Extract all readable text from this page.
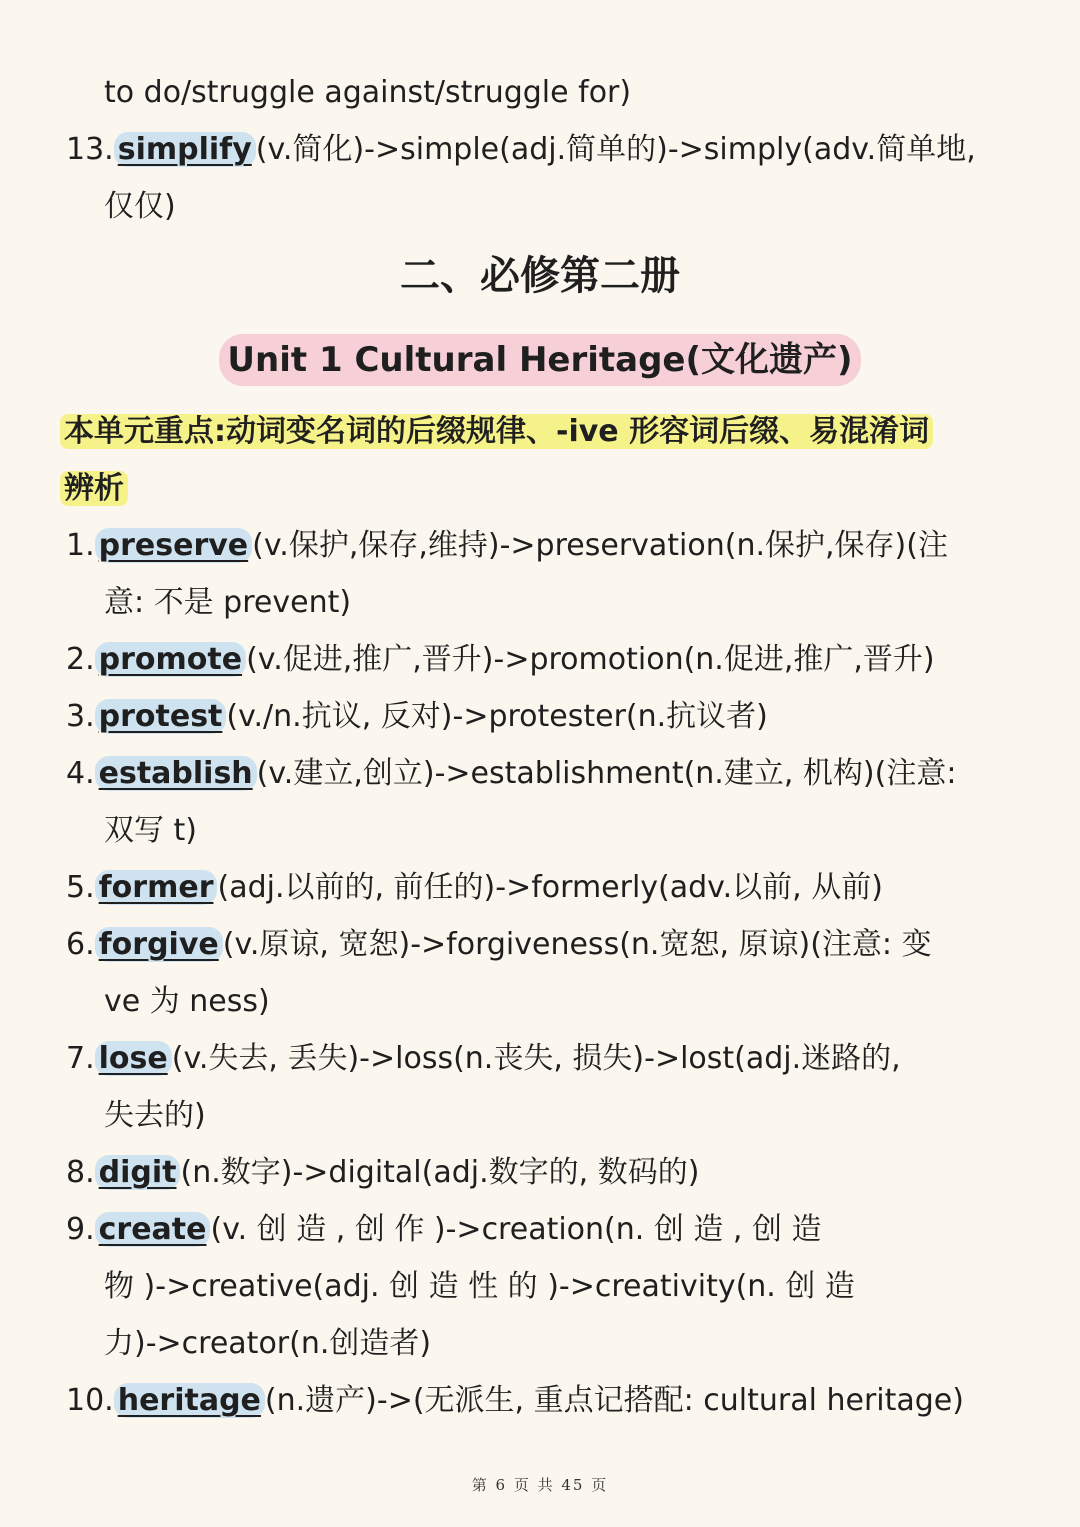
to do/struggle against/struggle for)
13. simplify (v.简化)->simple(adj.简单的)->simply(adv.简单地,
仅仅)
二、必修第二册
Unit 1 Cultural Heritage(文化遗产)
本单元重点:动词变名词的后缀规律、-ive 形容词后缀、易混淆词
辨析
1. preserve (v.保护,保存,维持)->preservation(n.保护,保存)(注
意: 不是 prevent)
2. promote (v.促进,推广,晋升)->promotion(n.促进,推广,晋升)
3. protest (v./n.抗议, 反对)->protester(n.抗议者)
4. establish (v.建立,创立)->establishment(n.建立, 机构)(注意:
双写 t)
5. former (adj.以前的, 前任的)->formerly(adv.以前, 从前)
6. forgive (v.原谅, 宽恕)->forgiveness(n.宽恕, 原谅)(注意: 变
ve 为 ness)
7. lose (v.失去, 丢失)->loss(n.丧失, 损失)->lost(adj.迷路的,
失去的)
8. digit (n.数字)->digital(adj.数字的, 数码的)
9. create (v. 创 造 , 创 作 )->creation(n. 创 造 , 创 造
物 )->creative(adj. 创 造 性 的 )->creativity(n. 创 造
力)->creator(n.创造者)
10. heritage (n.遗产)->(无派生, 重点记搭配: cultural heritage)
第 6 页 共 45 页
